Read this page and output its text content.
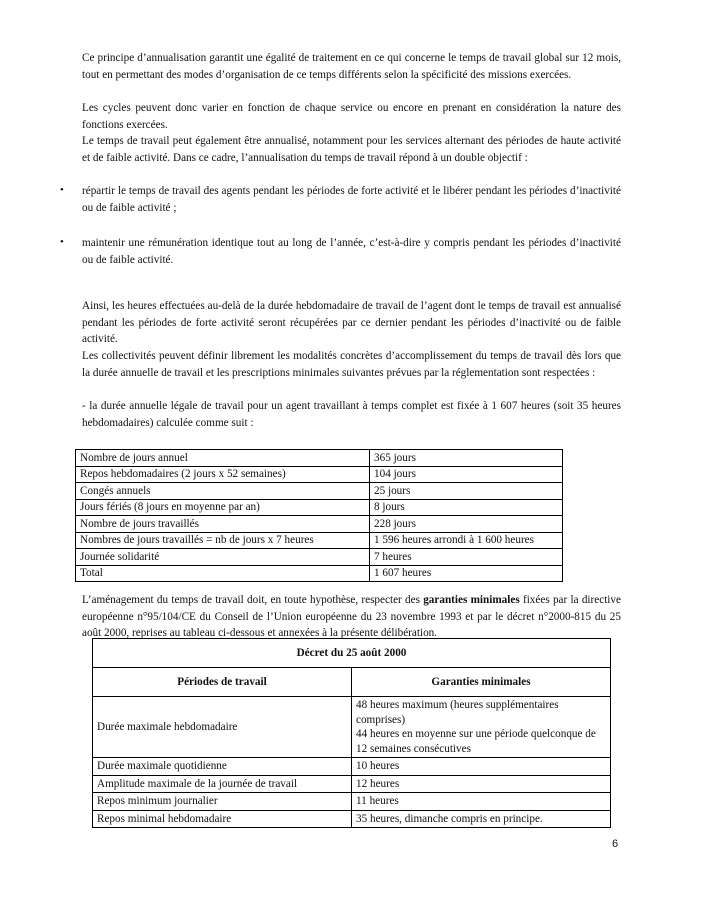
Ce principe d’annualisation garantit une égalité de traitement en ce qui concerne le temps de travail global sur 12 mois, tout en permettant des modes d’organisation de ce temps différents selon la spécificité des missions exercées.

Les cycles peuvent donc varier en fonction de chaque service ou encore en prenant en considération la nature des fonctions exercées.

Le temps de travail peut également être annualisé, notamment pour les services alternant des périodes de haute activité et de faible activité. Dans ce cadre, l’annualisation du temps de travail répond à un double objectif :

• répartir le temps de travail des agents pendant les périodes de forte activité et le libérer pendant les périodes d’inactivité ou de faible activité ;

• maintenir une rémunération identique tout au long de l’année, c’est-à-dire y compris pendant les périodes d’inactivité ou de faible activité.

Ainsi, les heures effectuées au-delà de la durée hebdomadaire de travail de l’agent dont le temps de travail est annualisé pendant les périodes de forte activité seront récupérées par ce dernier pendant les périodes d’inactivité ou de faible activité.

Les collectivités peuvent définir librement les modalités concrètes d’accomplissement du temps de travail dès lors que la durée annuelle de travail et les prescriptions minimales suivantes prévues par la réglementation sont respectées :

- la durée annuelle légale de travail pour un agent travaillant à temps complet est fixée à 1 607 heures (soit 35 heures hebdomadaires) calculée comme suit :

Nombre de jours annuel	365 jours
Repos hebdomadaires (2 jours x 52 semaines)	104 jours
Congés annuels	25 jours
Jours fériés (8 jours en moyenne par an)	8 jours
Nombre de jours travaillés	228 jours
Nombres de jours travaillés = nb de jours x 7 heures	1 596 heures arrondi à 1 600 heures
Journée solidarité	7 heures
Total	1 607 heures

L’aménagement du temps de travail doit, en toute hypothèse, respecter des garanties minimales fixées par la directive européenne n°95/104/CE du Conseil de l’Union européenne du 23 novembre 1993 et par le décret n°2000-815 du 25 août 2000, reprises au tableau ci-dessous et annexées à la présente délibération.

Décret du 25 août 2000	
Périodes de travail	Garanties minimales
Durée maximale hebdomadaire	48 heures maximum (heures supplémentaires comprises)
44 heures en moyenne sur une période quelconque de 12 semaines consécutives

Durée maximale quotidienne	10 heures
Amplitude maximale de la journée de travail	12 heures
Repos minimum journalier	11 heures
Repos minimal hebdomadaire	35 heures, dimanche compris en principe.
6
